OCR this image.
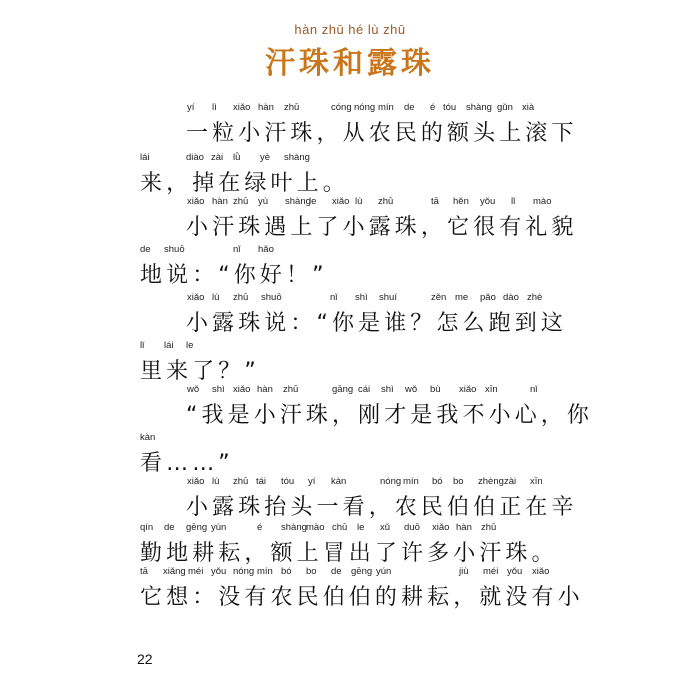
hàn zhū hé lù zhū
汗珠和露珠
yí lì xiǎo hàn zhū	cóng nóng mín de é tóu shàng gǔn xià
一粒小汗珠，从农民的额头上滚下
lái	diào zài lǜ yè shàng
来，掉在绿叶上。
xiǎo hàn zhū yù shàng
le xiǎo lù zhū	tā hěn yǒu lǐ mào
小汗珠遇上了小露珠，它很有礼貌
de shuō	nǐ hǎo
地说：“你好！”
xiǎo lù zhū shuō	nǐ shì shuí	zěn me pǎo dào zhè
小露珠说：“你是谁？怎么跑到这
lǐ lái le
里来了？”
wǒ shì xiǎo hàn zhū	gāng cái shì wǒ bù xiǎo xīn	nǐ
“我是小汗珠，刚才是我不小心，你
kàn
看……”
xiǎo lù zhū tái tóu yí kàn	nóng mín bó bo zhèng zài xīn
小露珠抬头一看，农民伯伯正在辛
qín de gēng yún	é shàng mào chū le xǔ duō xiǎo hàn zhū
勤地耕耘，额上冒出了许多小汗珠。
tā xiǎng méi yǒu nóng mín bó bo de gēng yún	jiù méi yǒu xiǎo
它想：没有农民伯伯的耕耘，就没有小
22
